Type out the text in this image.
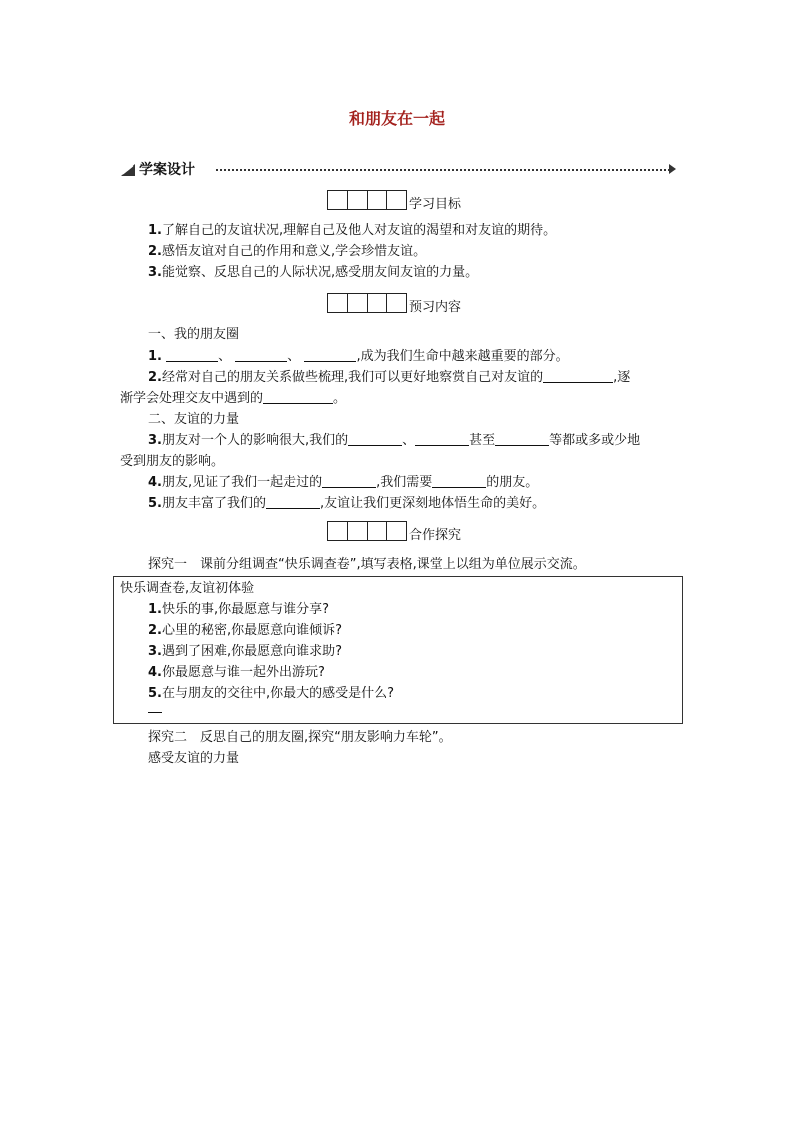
和朋友在一起
学案设计
学习目标
1.了解自己的友谊状况,理解自己及他人对友谊的渴望和对友谊的期待。
2.感悟友谊对自己的作用和意义,学会珍惜友谊。
3.能觉察、反思自己的人际状况,感受朋友间友谊的力量。
预习内容
一、我的朋友圈
1.	、	、	,成为我们生命中越来越重要的部分。
2.经常对自己的朋友关系做些梳理,我们可以更好地察赏自己对友谊的	,逐
渐学会处理交友中遇到的	。
二、友谊的力量
3.朋友对一个人的影响很大,我们的	、	甚至	等都或多或少地
受到朋友的影响。
4.朋友,见证了我们一起走过的	,我们需要	的朋友。
5.朋友丰富了我们的	,友谊让我们更深刻地体悟生命的美好。
合作探究
探究一　课前分组调查“快乐调查卷”,填写表格,课堂上以组为单位展示交流。
快乐调查卷,友谊初体验
1.快乐的事,你最愿意与谁分享?
2.心里的秘密,你最愿意向谁倾诉?
3.遇到了困难,你最愿意向谁求助?
4.你最愿意与谁一起外出游玩?
5.在与朋友的交往中,你最大的感受是什么?
探究二　反思自己的朋友圈,探究“朋友影响力车轮”。
感受友谊的力量
